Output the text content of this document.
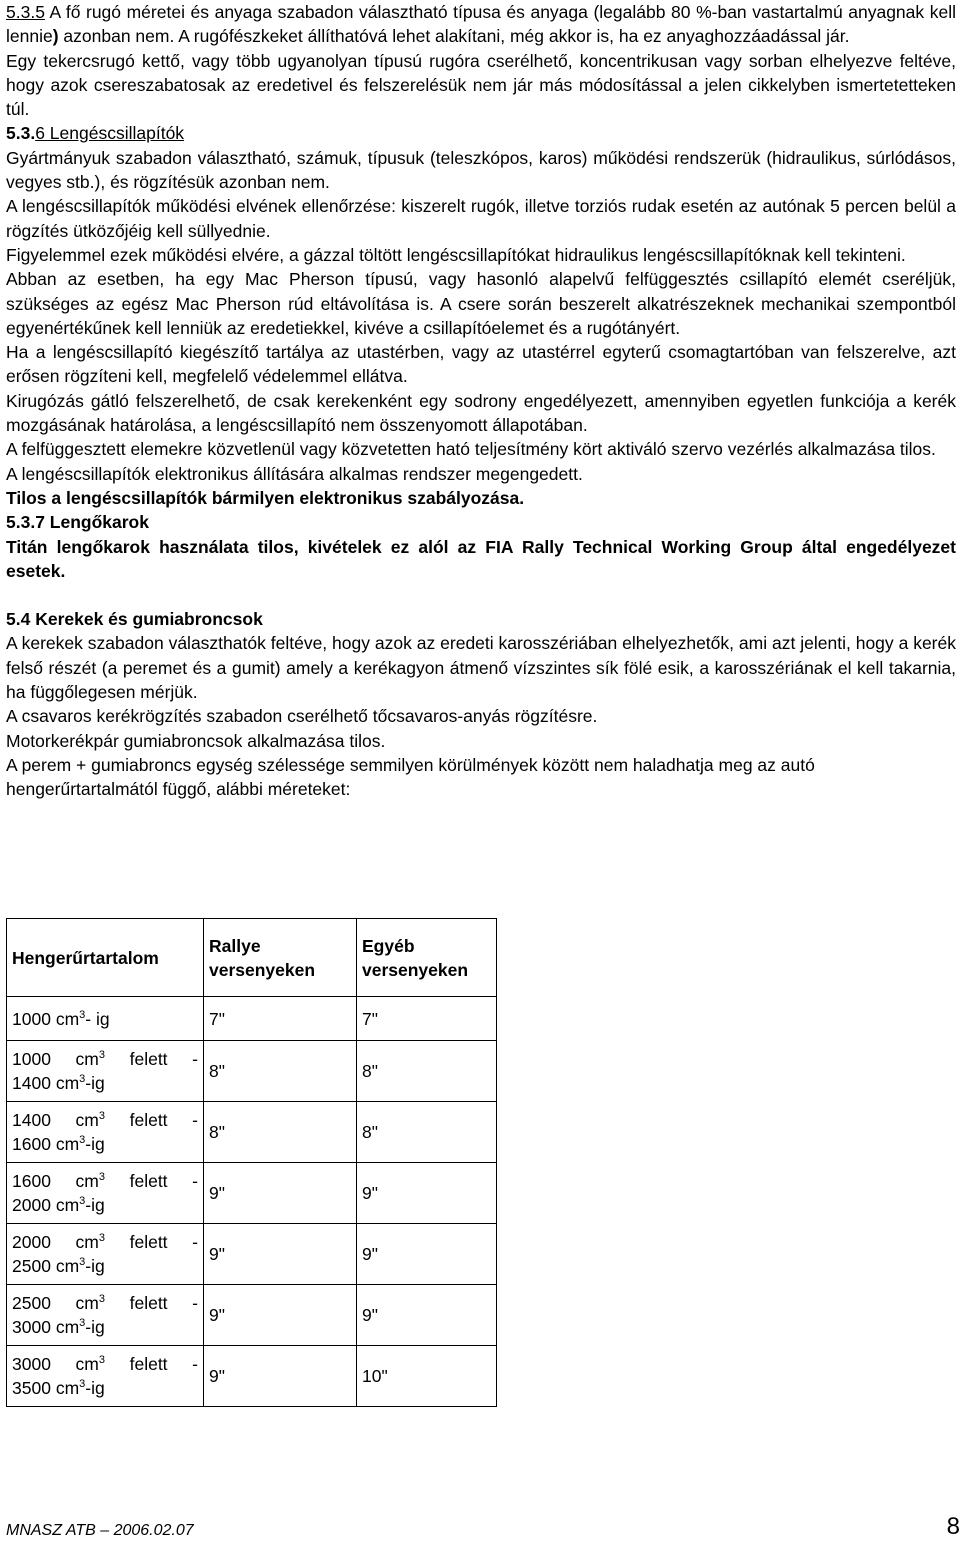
5.3.5 A fő rugó méretei és anyaga szabadon választható típusa és anyaga (legalább 80 %-ban vastartalmú anyagnak kell lennie) azonban nem. A rugófészkeket állíthatóvá lehet alakítani, még akkor is, ha ez anyaghozzáadással jár.

Egy tekercsrugó kettő, vagy több ugyanolyan típusú rugóra cserélhető, koncentrikusan vagy sorban elhelyezve feltéve, hogy azok csereszabatosak az eredetivel és felszerelésük nem jár más módosítással a jelen cikkelyben ismertetetteken túl.

5.3.6 Lengéscsillapítók

Gyártmányuk szabadon választható, számuk, típusuk (teleszkópos, karos) működési rendszerük (hidraulikus, súrlódásos, vegyes stb.), és rögzítésük azonban nem.

A lengéscsillapítók működési elvének ellenőrzése: kiszerelt rugók, illetve torziós rudak esetén az autónak 5 percen belül a rögzítés ütközőjéig kell süllyednie.

Figyelemmel ezek működési elvére, a gázzal töltött lengéscsillapítókat hidraulikus lengéscsillapítóknak kell tekinteni.

Abban az esetben, ha egy Mac Pherson típusú, vagy hasonló alapelvű felfüggesztés csillapító elemét cseréljük, szükséges az egész Mac Pherson rúd eltávolítása is. A csere során beszerelt alkatrészeknek mechanikai szempontból egyenértékűnek kell lenniük az eredetiekkel, kivéve a csillapítóelemet és a rugótányért.

Ha a lengéscsillapító kiegészítő tartálya az utastérben, vagy az utastérrel egyterű csomagtartóban van felszerelve, azt erősen rögzíteni kell, megfelelő védelemmel ellátva.

Kirugózás gátló felszerelhető, de csak kerekenként egy sodrony engedélyezett, amennyiben egyetlen funkciója a kerék mozgásának határolása, a lengéscsillapító nem összenyomott állapotában.

A felfüggesztett elemekre közvetlenül vagy közvetetten ható teljesítmény kört aktiváló szervo vezérlés alkalmazása tilos.

A lengéscsillapítók elektronikus állítására alkalmas rendszer megengedett.

Tilos a lengéscsillapítók bármilyen elektronikus szabályozása.

5.3.7 Lengőkarok

Titán lengőkarok használata tilos, kivételek ez alól az FIA Rally Technical Working Group által engedélyezet esetek.

5.4 Kerekek és gumiabroncsok

A kerekek szabadon választhatók feltéve, hogy azok az eredeti karosszériában elhelyezhetők, ami azt jelenti, hogy a kerék felső részét (a peremet és a gumit) amely a kerékagyon átmenő vízszintes sík fölé esik, a karosszériának el kell takarnia, ha függőlegesen mérjük.

A csavaros kerékrögzítés szabadon cserélhető tőcsavaros-anyás rögzítésre.

Motorkerékpár gumiabroncsok alkalmazása tilos.

A perem + gumiabroncs egység szélessége semmilyen körülmények között nem haladhatja meg az autó hengerűrtartalmától függő, alábbi méreteket:

Hengerűrtartalom	Rallye versenyeken	Egyéb versenyeken
1000 $cm^3-$ ig	7"	7"

1000 $cm^3$ felett -
1400 $cm^3-ig$	8"	8"

1400 $cm^3$ felett -
1600 $cm^3-ig$	8"	8"

1600 $cm^3$ felett -
2000 $cm^3-ig$	9"	9"

2000 $cm^3$ felett -
2500 $cm^3-ig$	9"	9"

2500 $cm^3$ felett -
3000 $cm^3-ig$	9"	9"

3000 $cm^3$ felett -
3500 $cm^3-ig$	9"	10"
MNASZ ATB – 2006.02.07	8
